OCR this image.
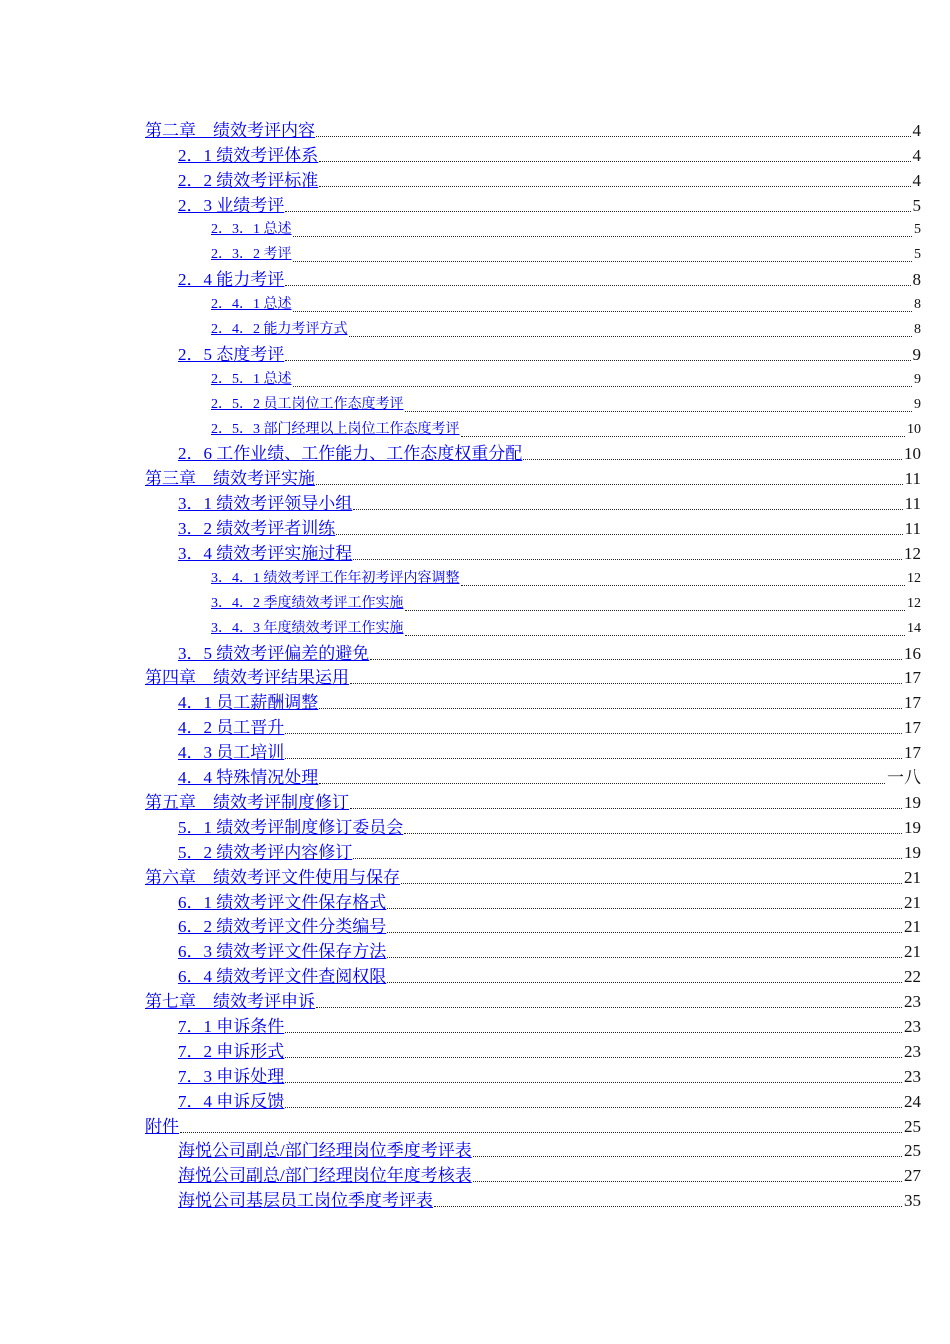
第二章　绩效考评内容	4
2．1 绩效考评体系	4
2．2 绩效考评标准	4
2．3 业绩考评	5
2．3．1 总述	5
2．3．2 考评	5
2．4 能力考评	8
2．4．1 总述	8
2．4．2 能力考评方式	8
2．5 态度考评	9
2．5．1 总述	9
2．5．2 员工岗位工作态度考评	9
2．5．3 部门经理以上岗位工作态度考评	10
2．6 工作业绩、工作能力、工作态度权重分配	10
第三章　绩效考评实施	11
3．1 绩效考评领导小组	11
3．2 绩效考评者训练	11
3．4 绩效考评实施过程	12
3．4．1 绩效考评工作年初考评内容调整	12
3．4．2 季度绩效考评工作实施	12
3．4．3 年度绩效考评工作实施	14
3．5 绩效考评偏差的避免	16
第四章　绩效考评结果运用	17
4．1 员工薪酬调整	17
4．2 员工晋升	17
4．3 员工培训	17
4．4 特殊情况处理	一八
第五章　绩效考评制度修订	19
5．1 绩效考评制度修订委员会	19
5．2 绩效考评内容修订	19
第六章　绩效考评文件使用与保存	21
6．1 绩效考评文件保存格式	21
6．2 绩效考评文件分类编号	21
6．3 绩效考评文件保存方法	21
6．4 绩效考评文件查阅权限	22
第七章　绩效考评申诉	23
7．1 申诉条件	23
7．2 申诉形式	23
7．3 申诉处理	23
7．4 申诉反馈	24
附件	25
海悦公司副总/部门经理岗位季度考评表	25
海悦公司副总/部门经理岗位年度考核表	27
海悦公司基层员工岗位季度考评表	35
